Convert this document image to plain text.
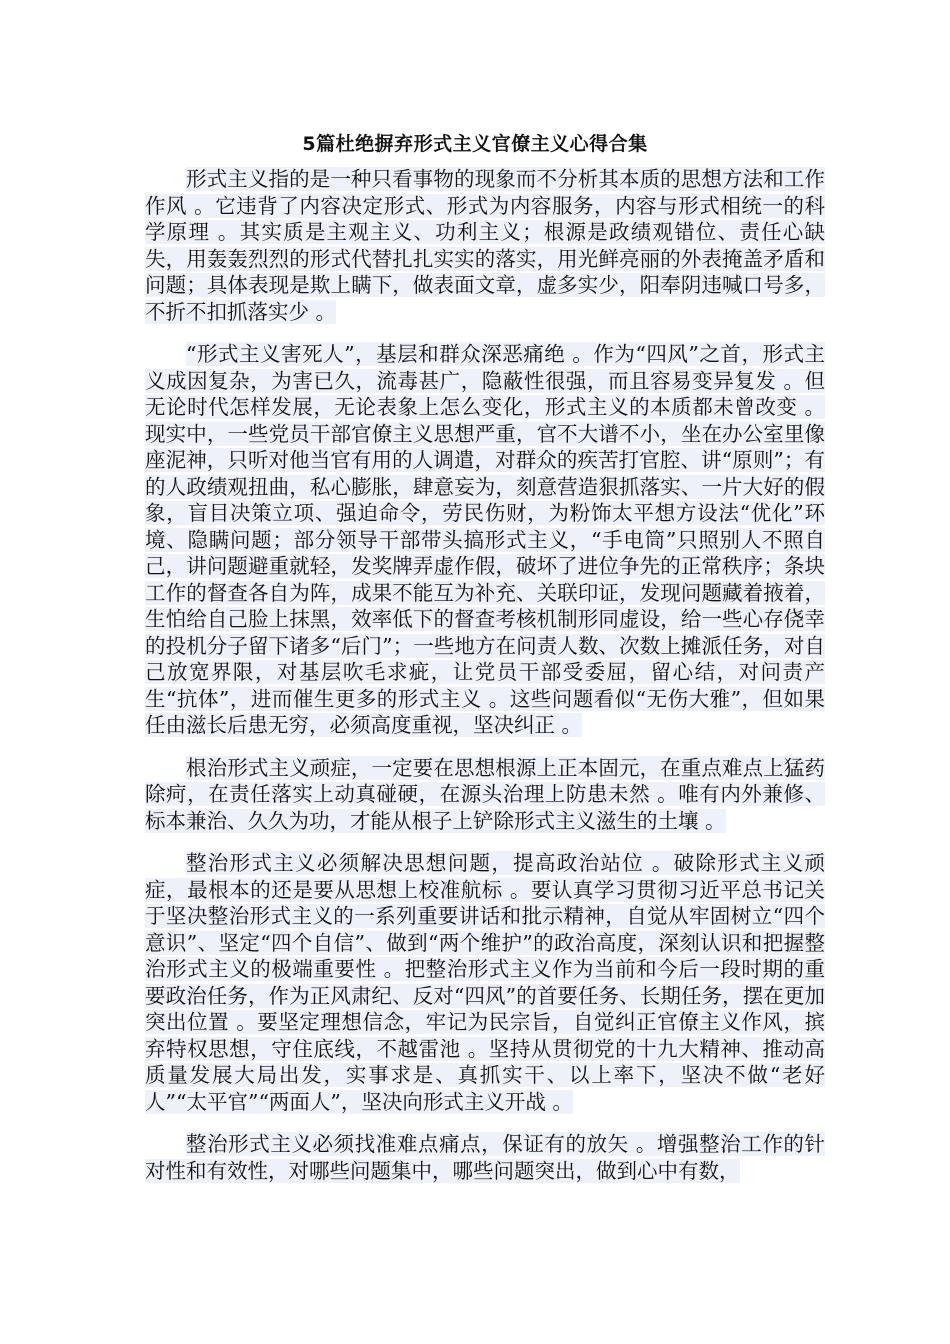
5篇杜绝摒弃形式主义官僚主义心得合集

形式主义指的是一种只看事物的现象而不分析其本质的思想方法和工作作风 。它违背了内容决定形式、形式为内容服务，内容与形式相统一的科学原理 。其实质是主观主义、功利主义；根源是政绩观错位、责任心缺失，用轰轰烈烈的形式代替扎扎实实的落实，用光鲜亮丽的外表掩盖矛盾和问题；具体表现是欺上瞒下，做表面文章，虚多实少，阳奉阴违喊口号多，不折不扣抓落实少 。

“形式主义害死人”，基层和群众深恶痛绝 。作为“四风”之首，形式主义成因复杂，为害已久，流毒甚广，隐蔽性很强，而且容易变异复发 。但无论时代怎样发展，无论表象上怎么变化，形式主义的本质都未曾改变 。现实中，一些党员干部官僚主义思想严重，官不大谱不小，坐在办公室里像座泥神，只听对他当官有用的人调遣，对群众的疾苦打官腔、讲“原则”；有的人政绩观扭曲，私心膨胀，肆意妄为，刻意营造狠抓落实、一片大好的假象，盲目决策立项、强迫命令，劳民伤财，为粉饰太平想方设法“优化”环境、隐瞒问题；部分领导干部带头搞形式主义，“手电筒”只照别人不照自己，讲问题避重就轻，发奖牌弄虚作假，破坏了进位争先的正常秩序；条块工作的督查各自为阵，成果不能互为补充、关联印证，发现问题藏着掖着，生怕给自己脸上抹黑，效率低下的督查考核机制形同虚设，给一些心存侥幸的投机分子留下诸多“后门”；一些地方在问责人数、次数上摊派任务，对自己放宽界限，对基层吹毛求疵，让党员干部受委屈，留心结，对问责产生“抗体”，进而催生更多的形式主义 。这些问题看似“无伤大雅”，但如果任由滋长后患无穷，必须高度重视，坚决纠正 。

根治形式主义顽症，一定要在思想根源上正本固元，在重点难点上猛药除疴，在责任落实上动真碰硬，在源头治理上防患未然 。唯有内外兼修、标本兼治、久久为功，才能从根子上铲除形式主义滋生的土壤 。

整治形式主义必须解决思想问题，提高政治站位 。破除形式主义顽症，最根本的还是要从思想上校准航标 。要认真学习贯彻习近平总书记关于坚决整治形式主义的一系列重要讲话和批示精神，自觉从牢固树立“四个意识”、坚定“四个自信”、做到“两个维护”的政治高度，深刻认识和把握整治形式主义的极端重要性 。把整治形式主义作为当前和今后一段时期的重要政治任务，作为正风肃纪、反对“四风”的首要任务、长期任务，摆在更加突出位置 。要坚定理想信念，牢记为民宗旨，自觉纠正官僚主义作风，摈弃特权思想，守住底线，不越雷池 。坚持从贯彻党的十九大精神、推动高质量发展大局出发，实事求是、真抓实干、以上率下，坚决不做“老好人”“太平官”“两面人”，坚决向形式主义开战 。

整治形式主义必须找准难点痛点，保证有的放矢 。增强整治工作的针对性和有效性，对哪些问题集中，哪些问题突出，做到心中有数，
